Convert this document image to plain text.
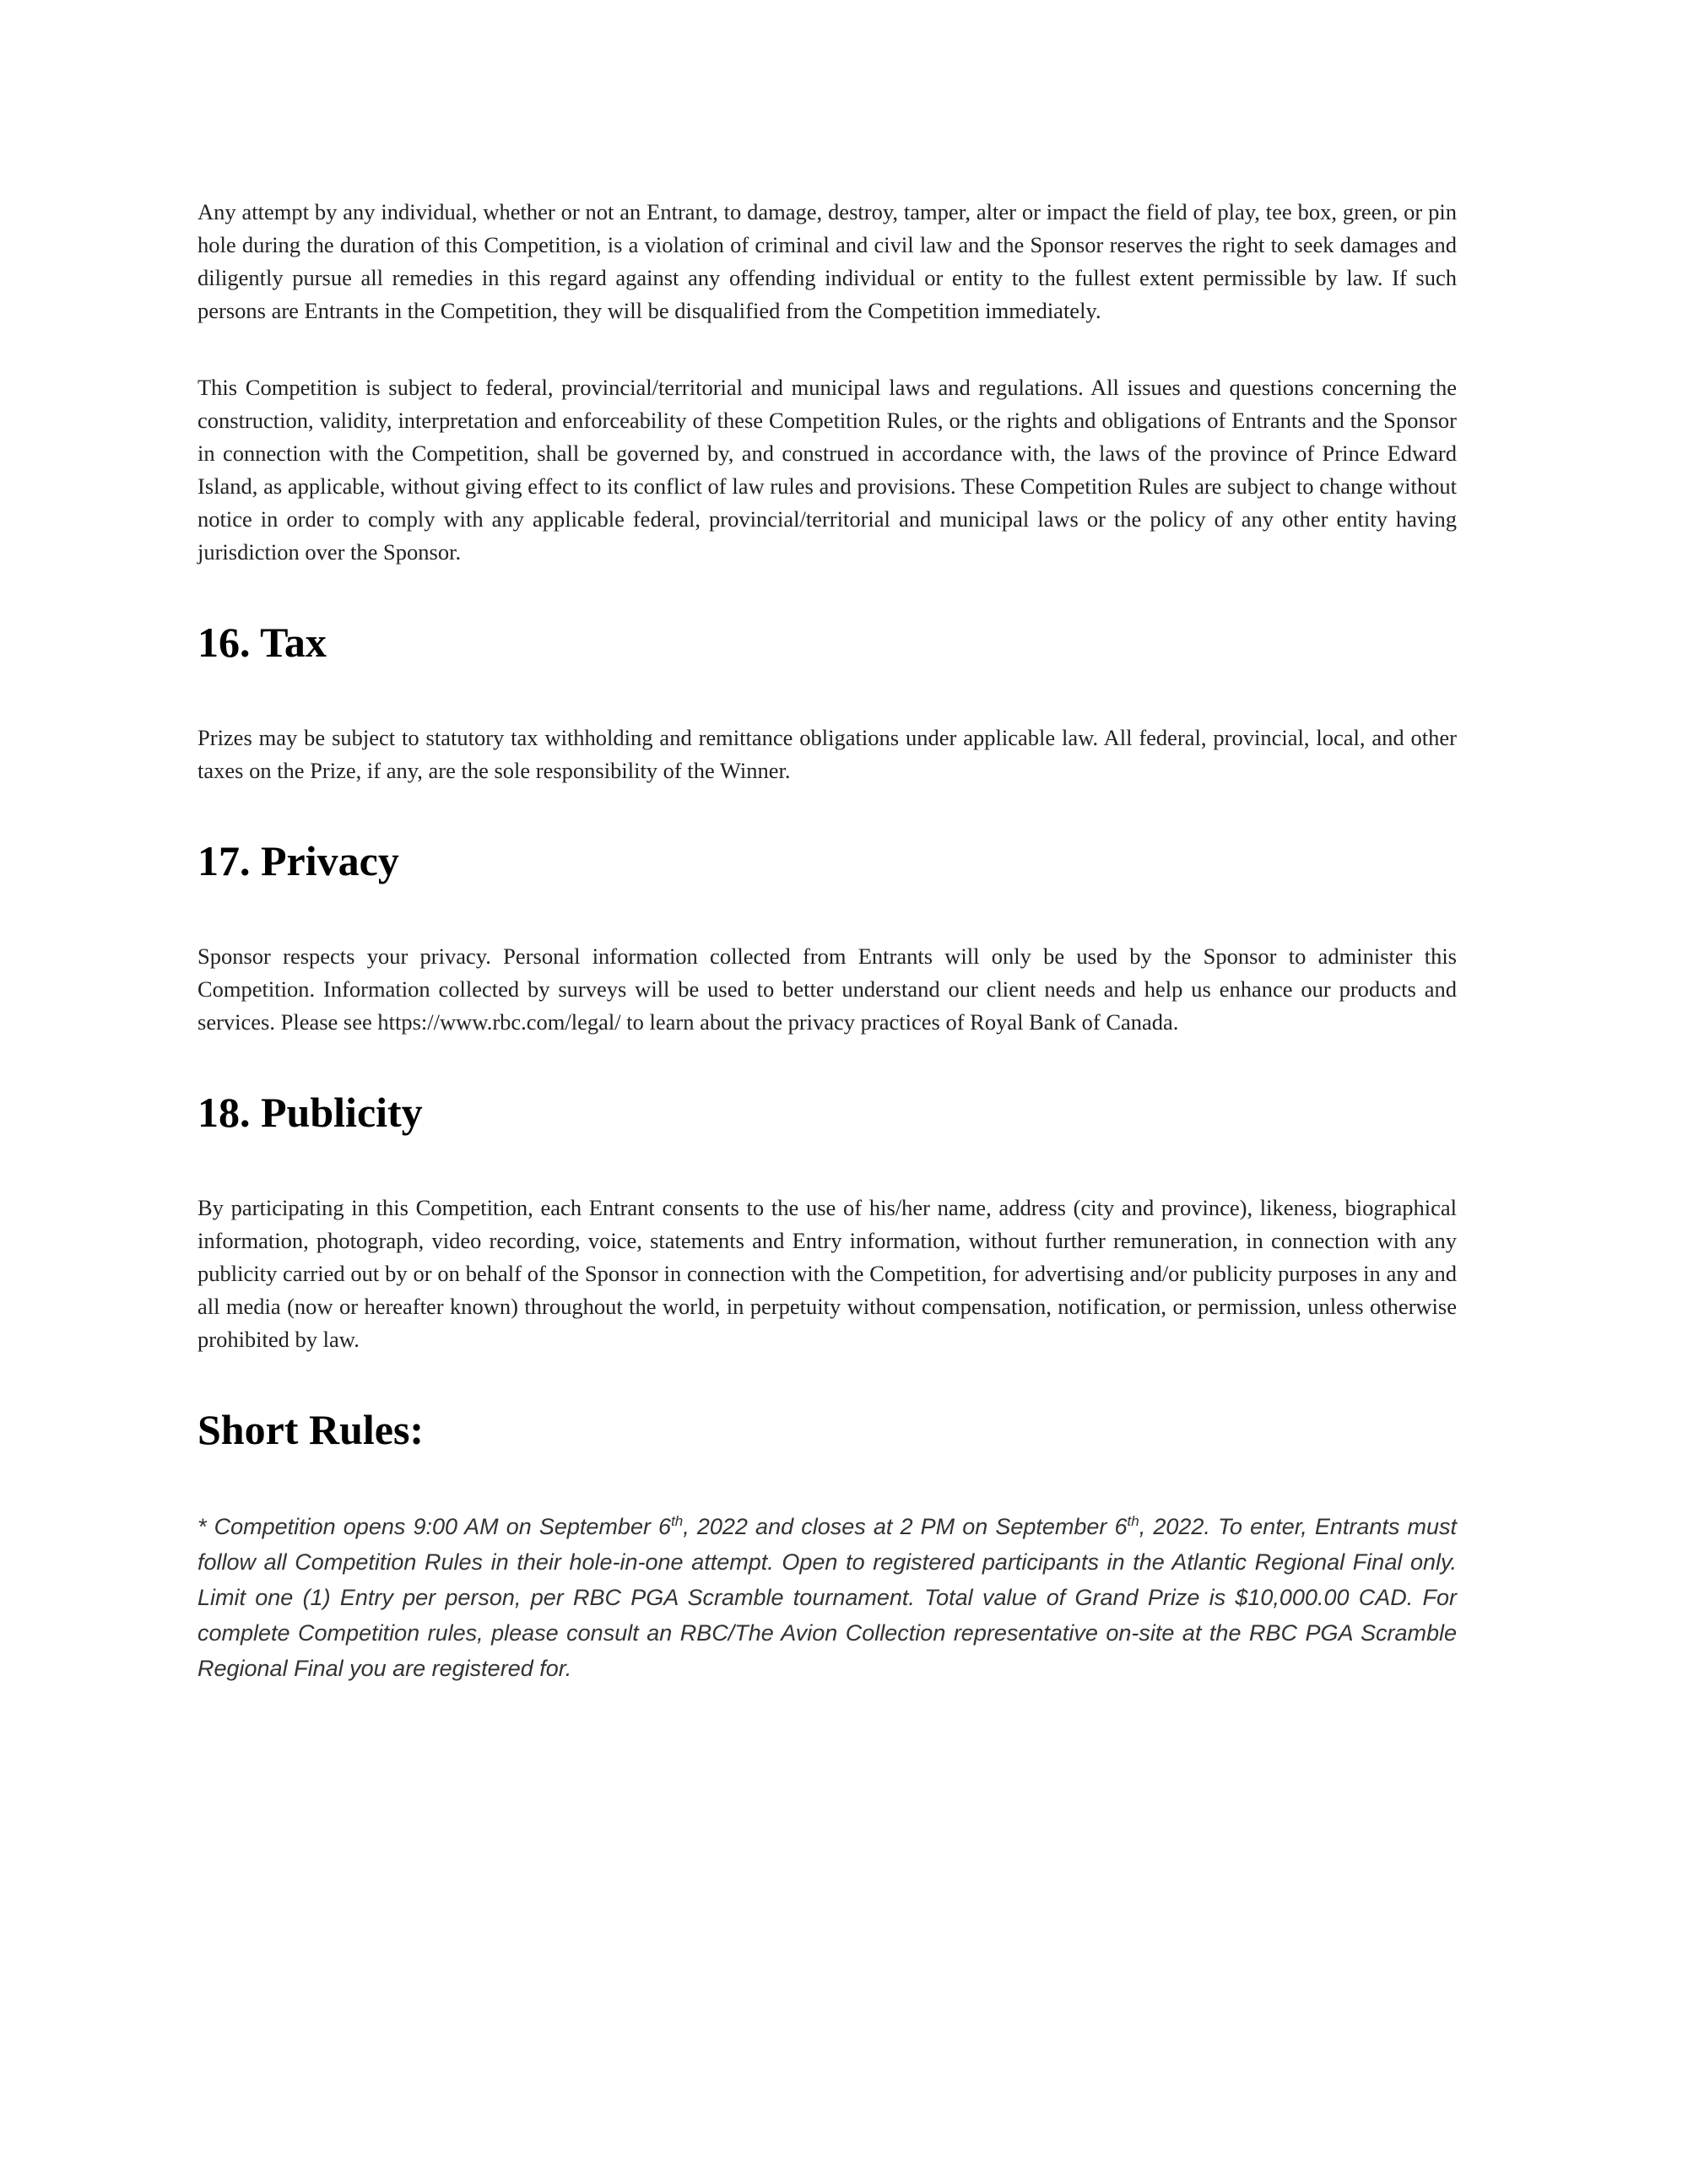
Any attempt by any individual, whether or not an Entrant, to damage, destroy, tamper, alter or impact the field of play, tee box, green, or pin hole during the duration of this Competition, is a violation of criminal and civil law and the Sponsor reserves the right to seek damages and diligently pursue all remedies in this regard against any offending individual or entity to the fullest extent permissible by law. If such persons are Entrants in the Competition, they will be disqualified from the Competition immediately.

This Competition is subject to federal, provincial/territorial and municipal laws and regulations. All issues and questions concerning the construction, validity, interpretation and enforceability of these Competition Rules, or the rights and obligations of Entrants and the Sponsor in connection with the Competition, shall be governed by, and construed in accordance with, the laws of the province of Prince Edward Island, as applicable, without giving effect to its conflict of law rules and provisions. These Competition Rules are subject to change without notice in order to comply with any applicable federal, provincial/territorial and municipal laws or the policy of any other entity having jurisdiction over the Sponsor.

16. Tax

Prizes may be subject to statutory tax withholding and remittance obligations under applicable law. All federal, provincial, local, and other taxes on the Prize, if any, are the sole responsibility of the Winner.

17. Privacy

Sponsor respects your privacy. Personal information collected from Entrants will only be used by the Sponsor to administer this Competition. Information collected by surveys will be used to better understand our client needs and help us enhance our products and services. Please see https://www.rbc.com/legal/ to learn about the privacy practices of Royal Bank of Canada.

18. Publicity

By participating in this Competition, each Entrant consents to the use of his/her name, address (city and province), likeness, biographical information, photograph, video recording, voice, statements and Entry information, without further remuneration, in connection with any publicity carried out by or on behalf of the Sponsor in connection with the Competition, for advertising and/or publicity purposes in any and all media (now or hereafter known) throughout the world, in perpetuity without compensation, notification, or permission, unless otherwise prohibited by law.

Short Rules:

* Competition opens 9:00 AM on September 6th, 2022 and closes at 2 PM on September 6th, 2022. To enter, Entrants must follow all Competition Rules in their hole-in-one attempt. Open to registered participants in the Atlantic Regional Final only. Limit one (1) Entry per person, per RBC PGA Scramble tournament. Total value of Grand Prize is $10,000.00 CAD. For complete Competition rules, please consult an RBC/The Avion Collection representative on-site at the RBC PGA Scramble Regional Final you are registered for.
